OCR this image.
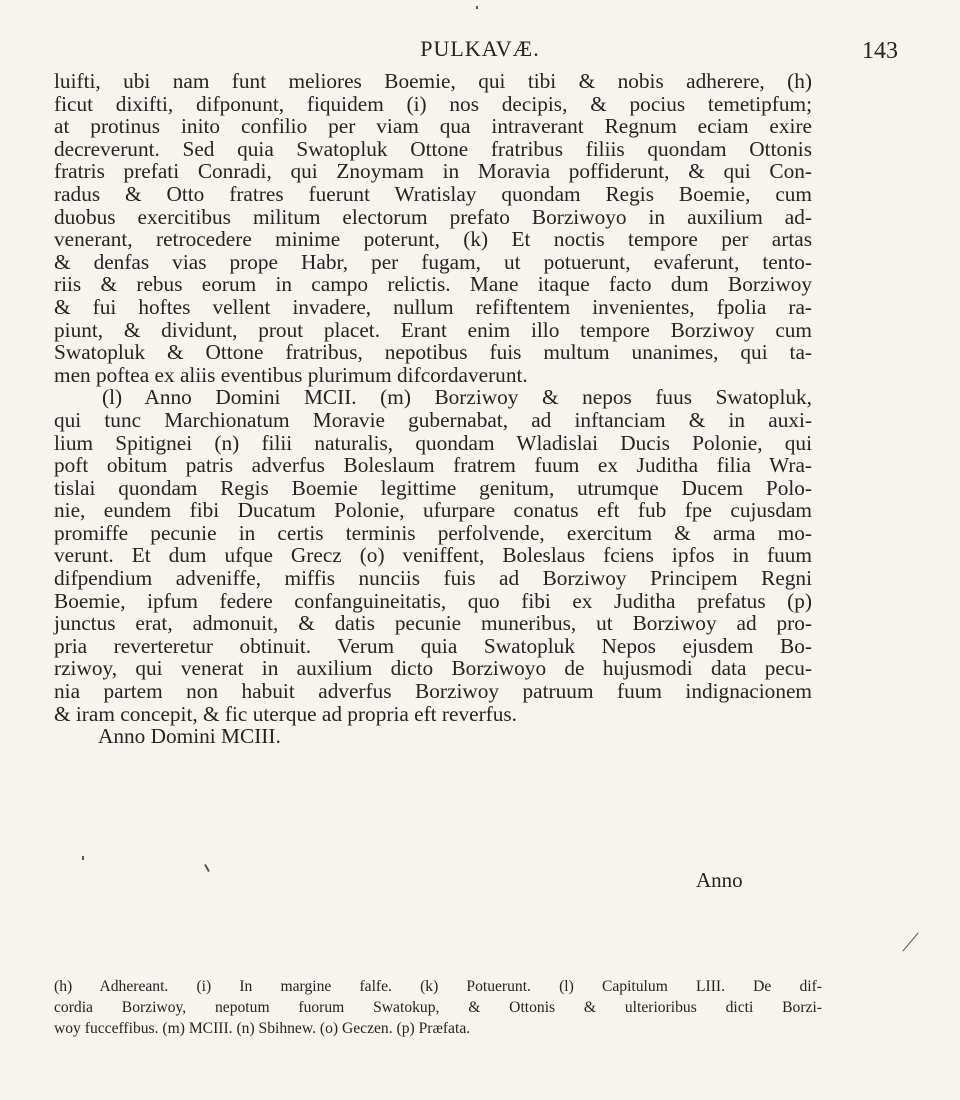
PULKAVÆ.	143
luifti, ubi nam funt meliores Boemie, qui tibi & nobis adherere, (h)
ficut dixifti, difponunt, fiquidem (i) nos decipis, & pocius temetipfum;
at protinus inito confilio per viam qua intraverant Regnum eciam exire
decreverunt. Sed quia Swatopluk Ottone fratribus filiis quondam Ottonis
fratris prefati Conradi, qui Znoymam in Moravia poffiderunt, & qui Con-
radus & Otto fratres fuerunt Wratislay quondam Regis Boemie, cum
duobus exercitibus militum electorum prefato Borziwoyo in auxilium ad-
venerant, retrocedere minime poterunt, (k) Et noctis tempore per artas
& denfas vias prope Habr, per fugam, ut potuerunt, evaferunt, tento-
riis & rebus eorum in campo relictis. Mane itaque facto dum Borziwoy
& fui hoftes vellent invadere, nullum refiftentem invenientes, fpolia ra-
piunt, & dividunt, prout placet. Erant enim illo tempore Borziwoy cum
Swatopluk & Ottone fratribus, nepotibus fuis multum unanimes, qui ta-
men poftea ex aliis eventibus plurimum difcordaverunt.
(l) Anno Domini MCII. (m) Borziwoy & nepos fuus Swatopluk,
qui tunc Marchionatum Moravie gubernabat, ad inftanciam & in auxi-
lium Spitignei (n) filii naturalis, quondam Wladislai Ducis Polonie, qui
poft obitum patris adverfus Boleslaum fratrem fuum ex Juditha filia Wra-
tislai quondam Regis Boemie legittime genitum, utrumque Ducem Polo-
nie, eundem fibi Ducatum Polonie, ufurpare conatus eft fub fpe cujusdam
promiffe pecunie in certis terminis perfolvende, exercitum & arma mo-
verunt. Et dum ufque Grecz (o) veniffent, Boleslaus fciens ipfos in fuum
difpendium adveniffe, miffis nunciis fuis ad Borziwoy Principem Regni
Boemie, ipfum federe confanguineitatis, quo fibi ex Juditha prefatus (p)
junctus erat, admonuit, & datis pecunie muneribus, ut Borziwoy ad pro-
pria reverteretur obtinuit. Verum quia Swatopluk Nepos ejusdem Bo-
rziwoy, qui venerat in auxilium dicto Borziwoyo de hujusmodi data pecu-
nia partem non habuit adverfus Borziwoy patruum fuum indignacionem
& iram concepit, & fic uterque ad propria eft reverfus.
Anno Domini MCIII.
Anno
(h) Adhereant. (i) In margine falfe. (k) Potuerunt. (l) Capitulum LIII. De dif-
cordia Borziwoy, nepotum fuorum Swatokup, & Ottonis & ulterioribus dicti Borzi-
woy fucceffibus. (m) MCIII. (n) Sbihnew. (o) Geczen. (p) Præfata.
